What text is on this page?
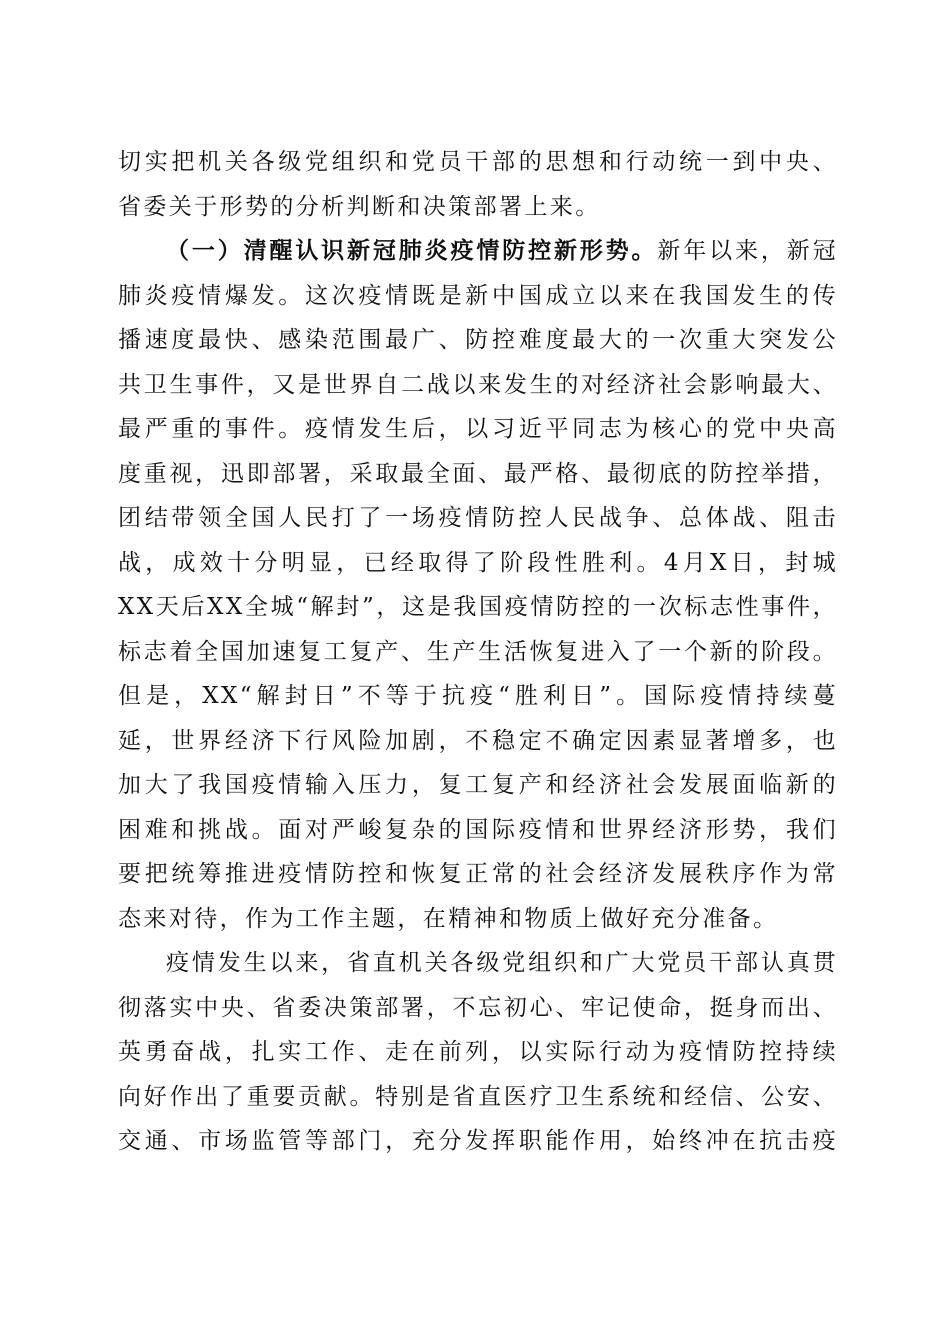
切实把机关各级党组织和党员干部的思想和行动统一到中央、
省委关于形势的分析判断和决策部署上来。
（一）清醒认识新冠肺炎疫情防控新形势。新年以来，新冠
肺炎疫情爆发。这次疫情既是新中国成立以来在我国发生的传
播速度最快、感染范围最广、防控难度最大的一次重大突发公
共卫生事件，又是世界自二战以来发生的对经济社会影响最大、
最严重的事件。疫情发生后，以习近平同志为核心的党中央高
度重视，迅即部署，采取最全面、最严格、最彻底的防控举措，
团结带领全国人民打了一场疫情防控人民战争、总体战、阻击
战，成效十分明显，已经取得了阶段性胜利。4月X日，封城
XX天后XX全城“解封”，这是我国疫情防控的一次标志性事件，
标志着全国加速复工复产、生产生活恢复进入了一个新的阶段。
但是，XX“解封日”不等于抗疫“胜利日”。国际疫情持续蔓
延，世界经济下行风险加剧，不稳定不确定因素显著增多，也
加大了我国疫情输入压力，复工复产和经济社会发展面临新的
困难和挑战。面对严峻复杂的国际疫情和世界经济形势，我们
要把统筹推进疫情防控和恢复正常的社会经济发展秩序作为常
态来对待，作为工作主题，在精神和物质上做好充分准备。
疫情发生以来，省直机关各级党组织和广大党员干部认真贯
彻落实中央、省委决策部署，不忘初心、牢记使命，挺身而出、
英勇奋战，扎实工作、走在前列，以实际行动为疫情防控持续
向好作出了重要贡献。特别是省直医疗卫生系统和经信、公安、
交通、市场监管等部门，充分发挥职能作用，始终冲在抗击疫
